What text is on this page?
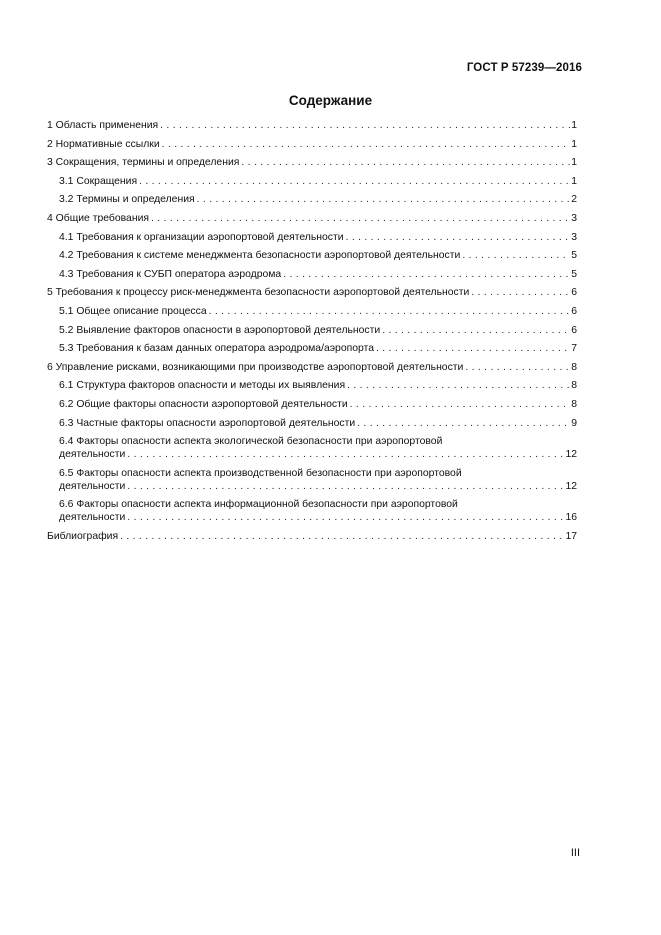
ГОСТ Р 57239—2016
Содержание
1 Область применения . . .	1
2 Нормативные ссылки . . .	1
3 Сокращения, термины и определения . . .	1
3.1 Сокращения . . .	1
3.2 Термины и определения . . .	2
4 Общие требования . . .	3
4.1 Требования к организации аэропортовой деятельности . . .	3
4.2 Требования к системе менеджмента безопасности аэропортовой деятельности . . .	5
4.3 Требования к СУБП оператора аэродрома . . .	5
5 Требования к процессу риск-менеджмента безопасности аэропортовой деятельности . . .	6
5.1 Общее описание процесса . . .	6
5.2 Выявление факторов опасности в аэропортовой деятельности . . .	6
5.3 Требования к базам данных оператора аэродрома/аэропорта . . .	7
6 Управление рисками, возникающими при производстве аэропортовой деятельности . . .	8
6.1 Структура факторов опасности и методы их выявления . . .	8
6.2 Общие факторы опасности аэропортовой деятельности . . .	8
6.3 Частные факторы опасности аэропортовой деятельности . . .	9
6.4 Факторы опасности аспекта экологической безопасности при аэропортовой
деятельности . . .	12
6.5 Факторы опасности аспекта производственной безопасности при аэропортовой
деятельности . . .	12
6.6 Факторы опасности аспекта информационной безопасности при аэропортовой
деятельности . . .	16
Библиография . . .	17
III
